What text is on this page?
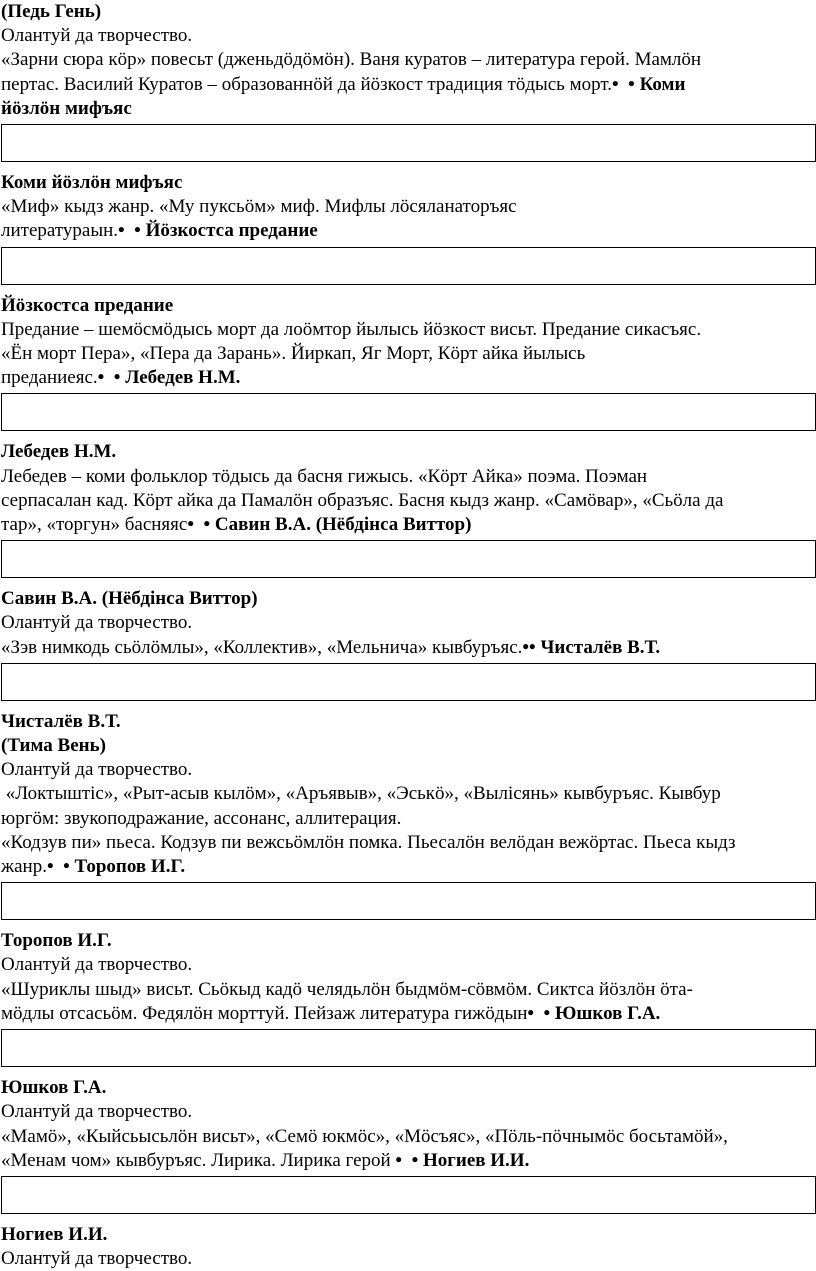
(Педь Гень)
Олантуй да творчество.
«Зарни сюра кӧр» повесьт (дженьдӧдӧмӧн). Ваня куратов – литература герой. Мамлӧн
пертас. Василий Куратов – образованнӧй да йӧзкост традиция тӧдысь морт.•  • Коми
йӧзлӧн мифъяс
Коми йӧзлӧн мифъяс
«Миф» кыдз жанр. «Му пуксьӧм» миф. Мифлы лӧсяланаторъяс
литератураын.•  • Йӧзкостса предание
Йӧзкостса предание
Предание – шемӧсмӧдысь морт да лоӧмтор йылысь йӧзкост висьт. Предание сикасъяс.
«Ён морт Пера», «Пера да Зарань». Йиркап, Яг Морт, Кӧрт айка йылысь
преданиеяс.•  • Лебедев Н.М.
Лебедев Н.М.
Лебедев – коми фольклор тӧдысь да басня гижысь. «Кӧрт Айка» поэма. Поэман
серпасалан кад. Кӧрт айка да Памалӧн образъяс. Басня кыдз жанр. «Самӧвар», «Сьӧла да
тар», «торгун» басняяс•  • Савин В.А. (Нёбдінса Виттор)
Савин В.А. (Нёбдінса Виттор)
Олантуй да творчество.
«Зэв нимкодь сьӧлӧмлы», «Коллектив», «Мельнича» кывбуръяс.•• Чисталёв В.Т.
Чисталёв В.Т.
(Тима Вень)
Олантуй да творчество.
«Локтыштіс», «Рыт-асыв кылӧм», «Аръявыв», «Эськӧ», «Вылісянь» кывбуръяс. Кывбур
юргӧм: звукоподражание, ассонанс, аллитерация.
«Кодзув пи» пьеса. Кодзув пи вежсьӧмлӧн помка. Пьесалӧн велӧдан вежӧртас. Пьеса кыдз
жанр.•  • Торопов И.Г.
Торопов И.Г.
Олантуй да творчество.
«Шуриклы шыд» висьт. Сьӧкыд кадӧ челядьлӧн быдмӧм-сӧвмӧм. Сиктса йӧзлӧн ӧта-
мӧдлы отсасьӧм. Федялӧн морттуй. Пейзаж литература гижӧдын•  • Юшков Г.А.
Юшков Г.А.
Олантуй да творчество.
«Мамӧ», «Кыйсьысьлӧн висьт», «Семӧ юкмӧс», «Мӧсъяс», «Пӧль-пӧчнымӧс босьтамӧй»,
«Менам чом» кывбуръяс. Лирика. Лирика герой •  • Ногиев И.И.
Ногиев И.И.
Олантуй да творчество.
